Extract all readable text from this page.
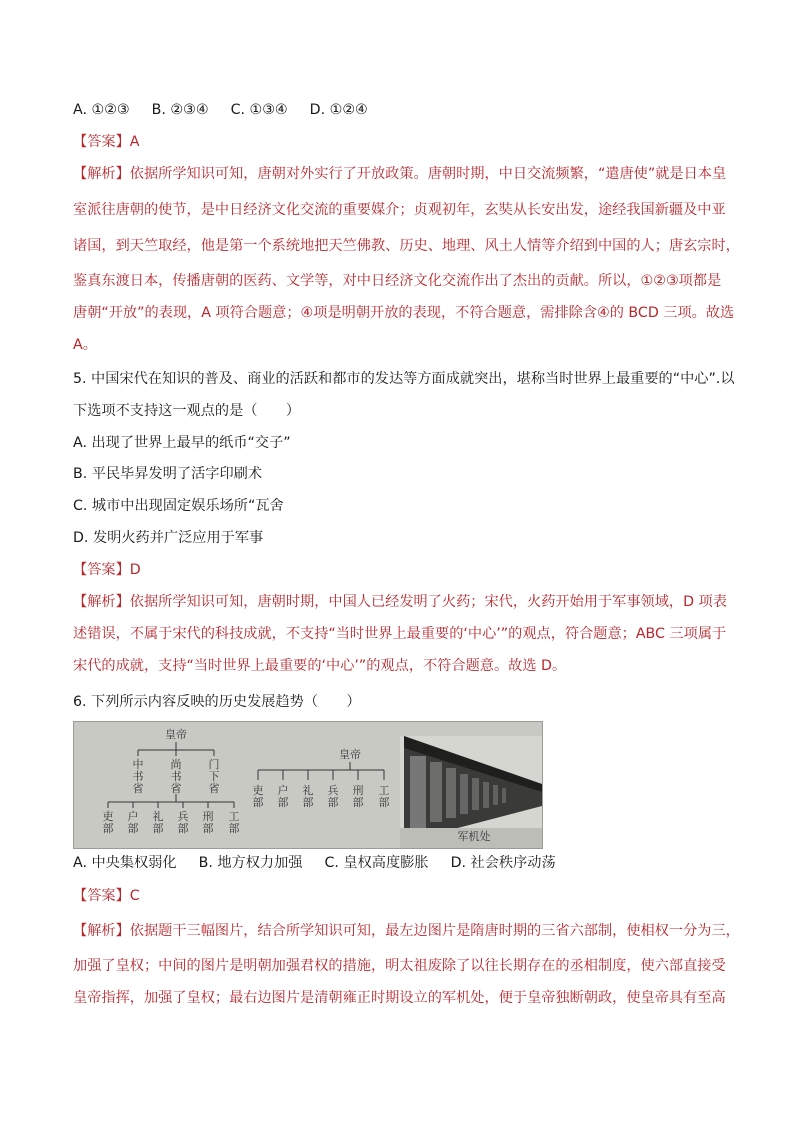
A. ①②③ B. ②③④ C. ①③④ D. ①②④
【答案】A
【解析】依据所学知识可知，唐朝对外实行了开放政策。唐朝时期，中日交流频繁，“遣唐使”就是日本皇
室派往唐朝的使节，是中日经济文化交流的重要媒介；贞观初年，玄奘从长安出发，途经我国新疆及中亚
诸国，到天竺取经，他是第一个系统地把天竺佛教、历史、地理、风土人情等介绍到中国的人；唐玄宗时，
鉴真东渡日本，传播唐朝的医药、文学等，对中日经济文化交流作出了杰出的贡献。所以，①②③项都是
唐朝“开放”的表现，A 项符合题意；④项是明朝开放的表现，不符合题意，需排除含④的 BCD 三项。故选
A。
5. 中国宋代在知识的普及、商业的活跃和都市的发达等方面成就突出，堪称当时世界上最重要的“中心”.以
下选项不支持这一观点的是（　　）
A. 出现了世界上最早的纸币“交子”
B. 平民毕昇发明了活字印刷术
C. 城市中出现固定娱乐场所“瓦舍
D. 发明火药并广泛应用于军事
【答案】D
【解析】依据所学知识可知，唐朝时期，中国人已经发明了火药；宋代，火药开始用于军事领域，D 项表
述错误，不属于宋代的科技成就，不支持“当时世界上最重要的‘中心’”的观点，符合题意；ABC 三项属于
宋代的成就，支持“当时世界上最重要的‘中心’”的观点，不符合题意。故选 D。
6. 下列所示内容反映的历史发展趋势（　　）
皇帝
中
书
省
尚
书
省
门
下
省
吏
部
户
部
礼
部
兵
部
刑
部
工
部
皇帝
吏
部
户
部
礼
部
兵
部
刑
部
工
部
军机处
A. 中央集权弱化 B. 地方权力加强 C. 皇权高度膨胀 D. 社会秩序动荡
【答案】C
【解析】依据题干三幅图片，结合所学知识可知，最左边图片是隋唐时期的三省六部制，使相权一分为三，
加强了皇权；中间的图片是明朝加强君权的措施，明太祖废除了以往长期存在的丞相制度，使六部直接受
皇帝指挥，加强了皇权；最右边图片是清朝雍正时期设立的军机处，便于皇帝独断朝政，使皇帝具有至高
